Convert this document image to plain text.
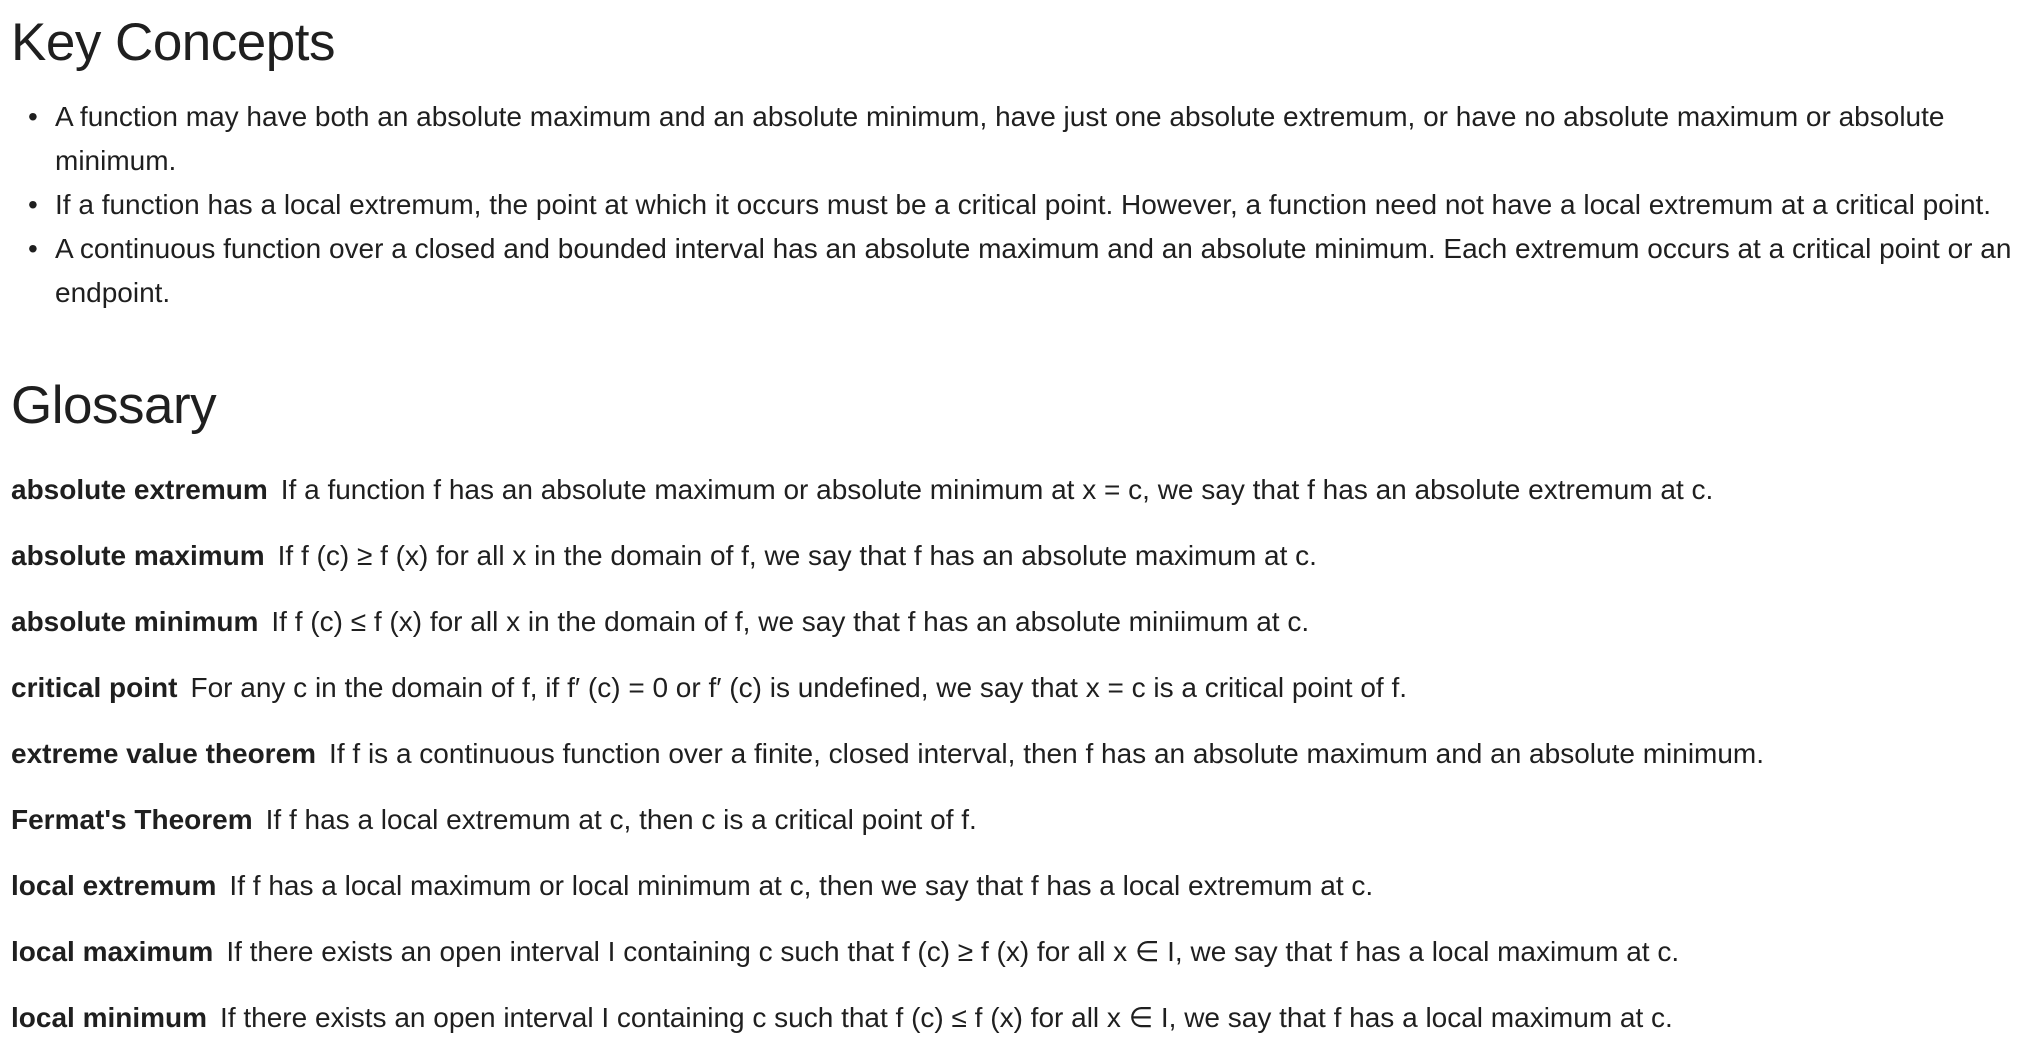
Key Concepts
• A function may have both an absolute maximum and an absolute minimum, have just one absolute extremum, or have no absolute maximum or absolute minimum.
• If a function has a local extremum, the point at which it occurs must be a critical point. However, a function need not have a local extremum at a critical point.
• A continuous function over a closed and bounded interval has an absolute maximum and an absolute minimum. Each extremum occurs at a critical point or an endpoint.
Glossary
absolute extremum If a function f has an absolute maximum or absolute minimum at x = c, we say that f has an absolute extremum at c.
absolute maximum If f (c) ≥ f (x) for all x in the domain of f, we say that f has an absolute maximum at c.
absolute minimum If f (c) ≤ f (x) for all x in the domain of f, we say that f has an absolute miniimum at c.
critical point For any c in the domain of f, if f′ (c) = 0 or f′ (c) is undefined, we say that x = c is a critical point of f.
extreme value theorem If f is a continuous function over a finite, closed interval, then f has an absolute maximum and an absolute minimum.
Fermat's Theorem If f has a local extremum at c, then c is a critical point of f.
local extremum If f has a local maximum or local minimum at c, then we say that f has a local extremum at c.
local maximum If there exists an open interval I containing c such that f (c) ≥ f (x) for all x ∈ I, we say that f has a local maximum at c.
local minimum If there exists an open interval I containing c such that f (c) ≤ f (x) for all x ∈ I, we say that f has a local maximum at c.
